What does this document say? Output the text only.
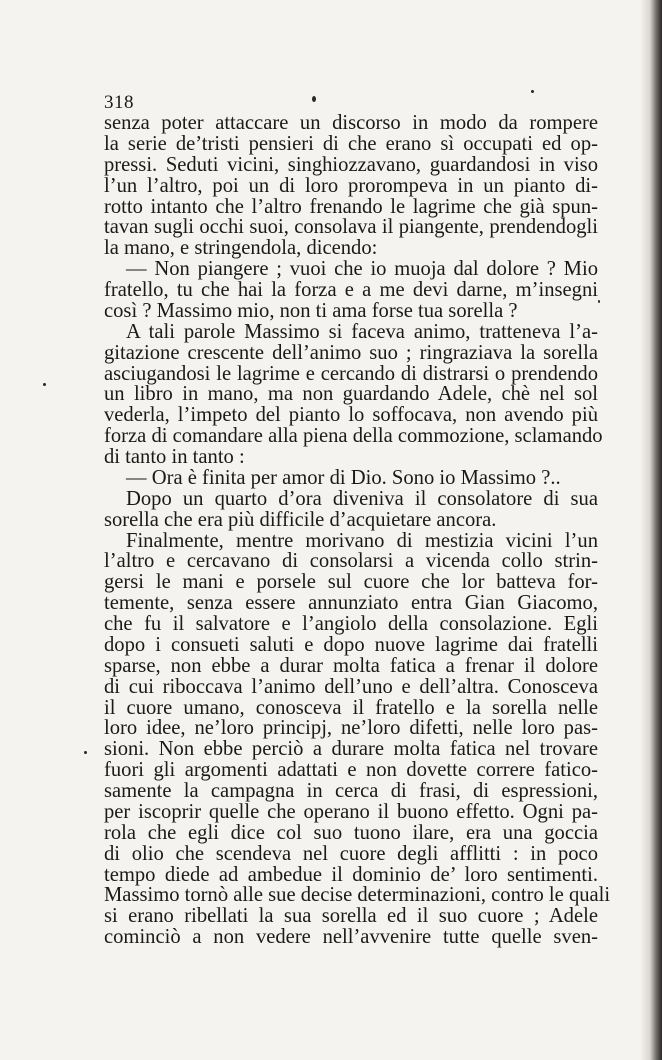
318
senza poter attaccare un discorso in modo da rompere
la serie de’tristi pensieri di che erano sì occupati ed op-
pressi. Seduti vicini, singhiozzavano, guardandosi in viso
l’un l’altro, poi un di loro prorompeva in un pianto di-
rotto intanto che l’altro frenando le lagrime che già spun-
tavan sugli occhi suoi, consolava il piangente, prendendogli
la mano, e stringendola, dicendo:
— Non piangere ; vuoi che io muoja dal dolore ? Mio
fratello, tu che hai la forza e a me devi darne, m’insegni
così ? Massimo mio, non ti ama forse tua sorella ?
A tali parole Massimo si faceva animo, tratteneva l’a-
gitazione crescente dell’animo suo ; ringraziava la sorella
asciugandosi le lagrime e cercando di distrarsi o prendendo
un libro in mano, ma non guardando Adele, chè nel sol
vederla, l’impeto del pianto lo soffocava, non avendo più
forza di comandare alla piena della commozione, sclamando
di tanto in tanto :
— Ora è finita per amor di Dio. Sono io Massimo ?..
Dopo un quarto d’ora diveniva il consolatore di sua
sorella che era più difficile d’acquietare ancora.
Finalmente, mentre morivano di mestizia vicini l’un
l’altro e cercavano di consolarsi a vicenda collo strin-
gersi le mani e porsele sul cuore che lor batteva for-
temente, senza essere annunziato entra Gian Giacomo,
che fu il salvatore e l’angiolo della consolazione. Egli
dopo i consueti saluti e dopo nuove lagrime dai fratelli
sparse, non ebbe a durar molta fatica a frenar il dolore
di cui riboccava l’animo dell’uno e dell’altra. Conosceva
il cuore umano, conosceva il fratello e la sorella nelle
loro idee, ne’loro principj, ne’loro difetti, nelle loro pas-
sioni. Non ebbe perciò a durare molta fatica nel trovare
fuori gli argomenti adattati e non dovette correre fatico-
samente la campagna in cerca di frasi, di espressioni,
per iscoprir quelle che operano il buono effetto. Ogni pa-
rola che egli dice col suo tuono ilare, era una goccia
di olio che scendeva nel cuore degli afflitti : in poco
tempo diede ad ambedue il dominio de’ loro sentimenti.
Massimo tornò alle sue decise determinazioni, contro le quali
si erano ribellati la sua sorella ed il suo cuore ; Adele
cominciò a non vedere nell’avvenire tutte quelle sven-
